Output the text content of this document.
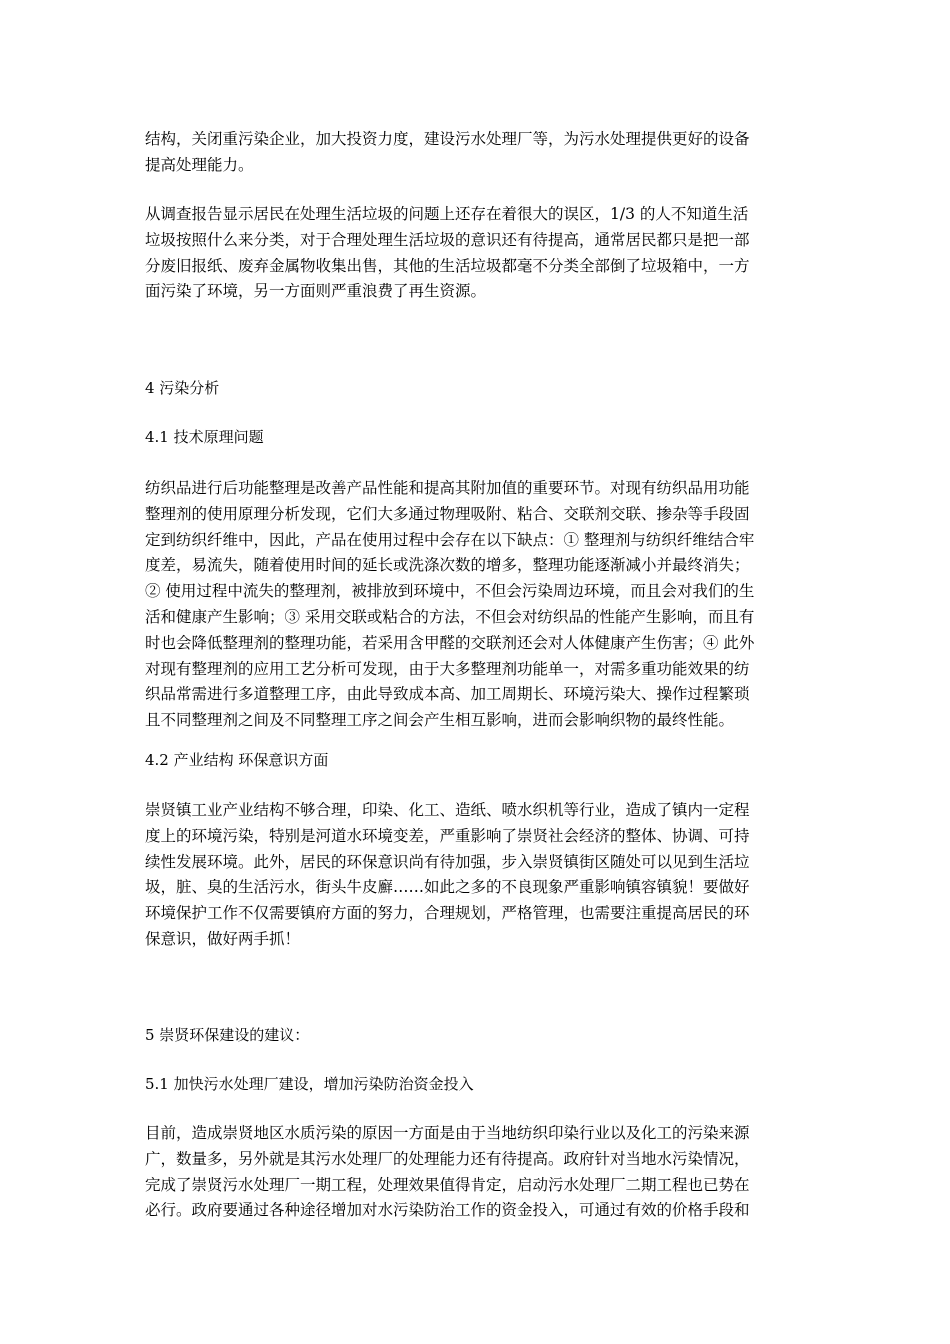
结构，关闭重污染企业，加大投资力度，建设污水处理厂等，为污水处理提供更好的设备
提高处理能力。

从调查报告显示居民在处理生活垃圾的问题上还存在着很大的误区，1/3 的人不知道生活
垃圾按照什么来分类，对于合理处理生活垃圾的意识还有待提高，通常居民都只是把一部
分废旧报纸、废弃金属物收集出售，其他的生活垃圾都毫不分类全部倒了垃圾箱中，一方
面污染了环境，另一方面则严重浪费了再生资源。

4 污染分析
4.1 技术原理问题

纺织品进行后功能整理是改善产品性能和提高其附加值的重要环节。对现有纺织品用功能
整理剂的使用原理分析发现，它们大多通过物理吸附、粘合、交联剂交联、掺杂等手段固
定到纺织纤维中，因此，产品在使用过程中会存在以下缺点：① 整理剂与纺织纤维结合牢
度差，易流失，随着使用时间的延长或洗涤次数的增多，整理功能逐渐减小并最终消失；
② 使用过程中流失的整理剂，被排放到环境中，不但会污染周边环境，而且会对我们的生
活和健康产生影响；③ 采用交联或粘合的方法，不但会对纺织品的性能产生影响，而且有
时也会降低整理剂的整理功能，若采用含甲醛的交联剂还会对人体健康产生伤害；④ 此外
对现有整理剂的应用工艺分析可发现，由于大多整理剂功能单一，对需多重功能效果的纺
织品常需进行多道整理工序，由此导致成本高、加工周期长、环境污染大、操作过程繁琐
且不同整理剂之间及不同整理工序之间会产生相互影响，进而会影响织物的最终性能。

4.2 产业结构 环保意识方面

崇贤镇工业产业结构不够合理，印染、化工、造纸、喷水织机等行业，造成了镇内一定程
度上的环境污染，特别是河道水环境变差，严重影响了崇贤社会经济的整体、协调、可持
续性发展环境。此外，居民的环保意识尚有待加强，步入崇贤镇街区随处可以见到生活垃
圾，脏、臭的生活污水，街头牛皮廯……如此之多的不良现象严重影响镇容镇貌！要做好
环境保护工作不仅需要镇府方面的努力，合理规划，严格管理，也需要注重提高居民的环
保意识，做好两手抓！

5 崇贤环保建设的建议：
5.1 加快污水处理厂建设，增加污染防治资金投入

目前，造成崇贤地区水质污染的原因一方面是由于当地纺织印染行业以及化工的污染来源
广，数量多，另外就是其污水处理厂的处理能力还有待提高。政府针对当地水污染情况，
完成了崇贤污水处理厂一期工程，处理效果值得肯定，启动污水处理厂二期工程也已势在
必行。政府要通过各种途径增加对水污染防治工作的资金投入，可通过有效的价格手段和
